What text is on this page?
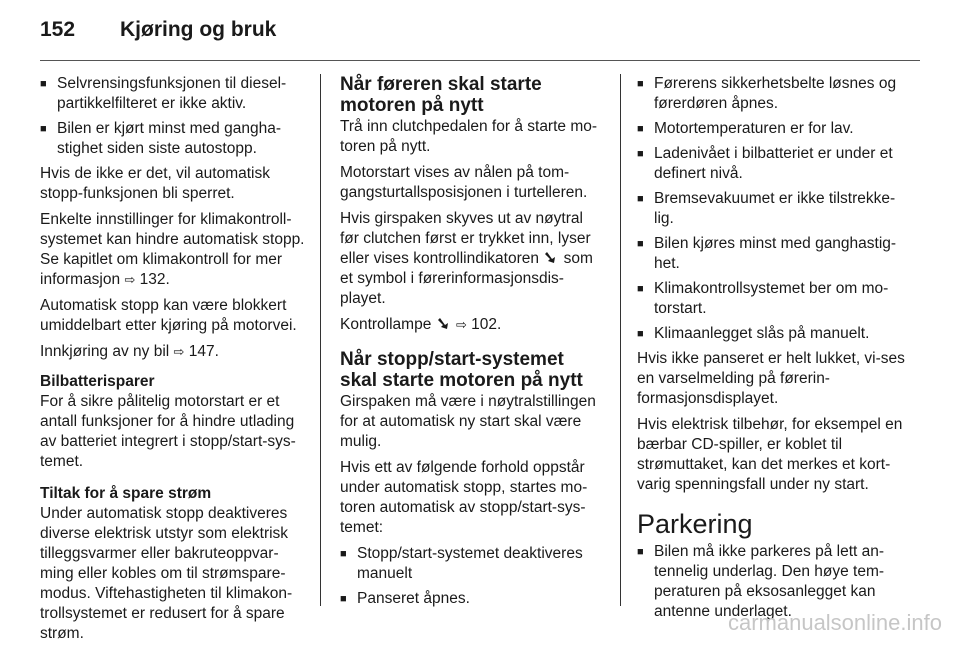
152	Kjøring og bruk
■ Selvrensingsfunksjonen til diesel-partikkelfilteret er ikke aktiv.
■ Bilen er kjørt minst med gangha-stighet siden siste autostopp.

Hvis de ikke er det, vil automatisk stopp-funksjonen bli sperret.

Enkelte innstillinger for klimakontroll-systemet kan hindre automatisk stopp. Se kapitlet om klimakontroll for mer informasjon ⇨ 132.

Automatisk stopp kan være blokkert umiddelbart etter kjøring på motorvei.

Innkjøring av ny bil ⇨ 147.

Bilbatterisparer

For å sikre pålitelig motorstart er et antall funksjoner for å hindre utlading av batteriet integrert i stopp/start-sys-temet.

Tiltak for å spare strøm

Under automatisk stopp deaktiveres diverse elektrisk utstyr som elektrisk tilleggsvarmer eller bakruteoppvar-ming eller kobles om til strømspare-modus. Viftehastigheten til klimakon-trollsystemet er redusert for å spare strøm.

Når føreren skal starte motoren på nytt

Trå inn clutchpedalen for å starte mo-toren på nytt.

Motorstart vises av nålen på tom-gangsturtallsposisjonen i turtelleren.

Hvis girspaken skyves ut av nøytral før clutchen først er trykket inn, lyser eller vises kontrollindikatoren som et symbol i førerinformasjonsdis-playet.

Kontrollampe ⇨ 102.

Når stopp/start-systemet skal starte motoren på nytt

Girspaken må være i nøytralstillingen for at automatisk ny start skal være mulig.

Hvis ett av følgende forhold oppstår under automatisk stopp, startes mo-toren automatisk av stopp/start-sys-temet:

■ Stopp/start-systemet deaktiveres manuelt
■ Panseret åpnes.
■ Førerens sikkerhetsbelte løsnes og førerdøren åpnes.
■ Motortemperaturen er for lav.
■ Ladenivået i bilbatteriet er under et definert nivå.
■ Bremsevakuumet er ikke tilstrekke-lig.
■ Bilen kjøres minst med ganghastig-het.
■ Klimakontrollsystemet ber om mo-torstart.
■ Klimaanlegget slås på manuelt.

Hvis ikke panseret er helt lukket, vi-ses en varselmelding på førerin-formasjonsdisplayet.

Hvis elektrisk tilbehør, for eksempel en bærbar CD-spiller, er koblet til strømuttaket, kan det merkes et kort-varig spenningsfall under ny start.

Parkering
■ Bilen må ikke parkeres på lett an-tennelig underlag. Den høye tem-peraturen på eksosanlegget kan antenne underlaget.
carmanualsonline.info
